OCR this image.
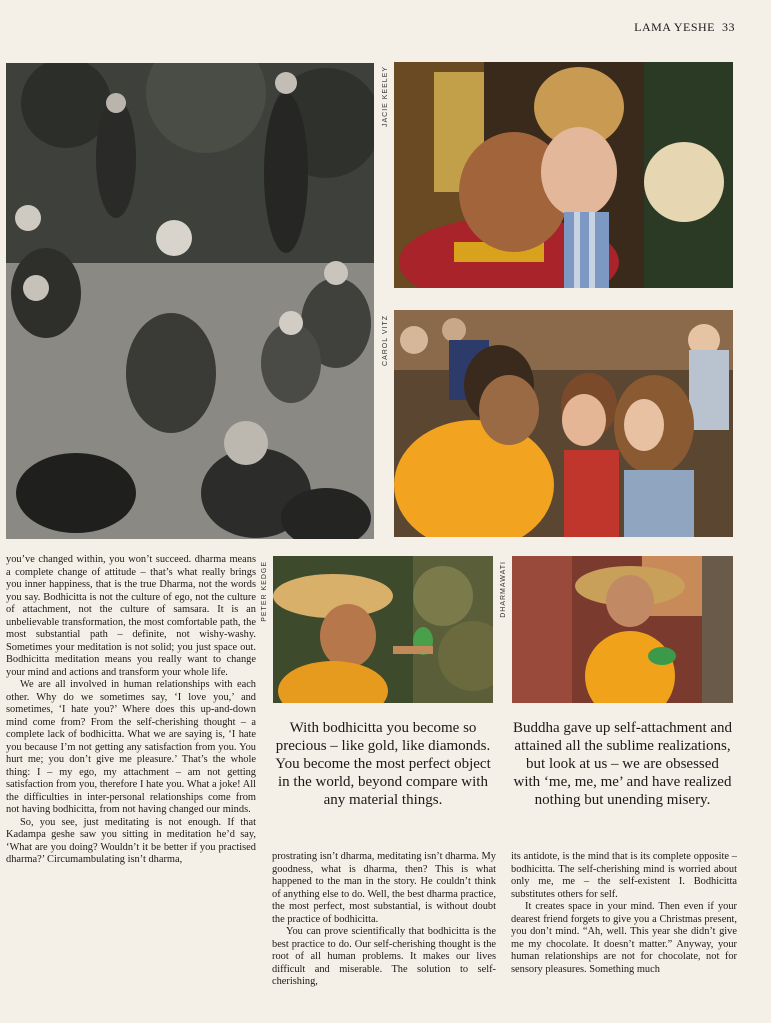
LAMA YESHE 33
JACIE KEELEY
CAROL VITZ

you’ve changed within, you won’t succeed. dharma means a complete change of attitude – that’s what really brings you inner happiness, that is the true Dharma, not the words you say. Bodhicitta is not the culture of ego, not the culture of attachment, not the culture of samsara. It is an unbelievable transformation, the most comfortable path, the most substantial path – definite, not wishy-washy. Sometimes your meditation is not solid; you just space out. Bodhicitta meditation means you really want to change your mind and actions and transform your whole life.

We are all involved in human relationships with each other. Why do we sometimes say, ‘I love you,’ and sometimes, ‘I hate you?’ Where does this up-and-down mind come from? From the self-cherishing thought – a complete lack of bodhicitta. What we are saying is, ‘I hate you because I’m not getting any satisfaction from you. You hurt me; you don’t give me pleasure.’ That’s the whole thing: I – my ego, my attachment – am not getting satisfaction from you, therefore I hate you. What a joke! All the difficulties in inter-personal relationships come from not having bodhicitta, from not having changed our minds.

So, you see, just meditating is not enough. If that Kadampa geshe saw you sitting in meditation he’d say, ‘What are you doing? Wouldn’t it be better if you practised dharma?’ Circumambulating isn’t dharma,

PETER KEDGE	DHARMAWATI
With bodhicitta you become so precious – like gold, like diamonds. You become the most perfect object in the world, beyond compare with any material things.
Buddha gave up self-attachment and attained all the sublime realizations, but look at us – we are obsessed with ‘me, me, me’ and have realized nothing but unending misery.

prostrating isn’t dharma, meditating isn’t dharma. My goodness, what is dharma, then? This is what happened to the man in the story. He couldn’t think of anything else to do. Well, the best dharma practice, the most perfect, most substantial, is without doubt the practice of bodhicitta.

You can prove scientifically that bodhicitta is the best practice to do. Our self-cherishing thought is the root of all human problems. It makes our lives difficult and miserable. The solution to self-cherishing,

its antidote, is the mind that is its complete opposite – bodhicitta. The self-cherishing mind is worried about only me, me – the self-existent I. Bodhicitta substitutes others for self.

It creates space in your mind. Then even if your dearest friend forgets to give you a Christmas present, you don’t mind. “Ah, well. This year she didn’t give me my chocolate. It doesn’t matter.” Anyway, your human relationships are not for chocolate, not for sensory pleasures. Something much
